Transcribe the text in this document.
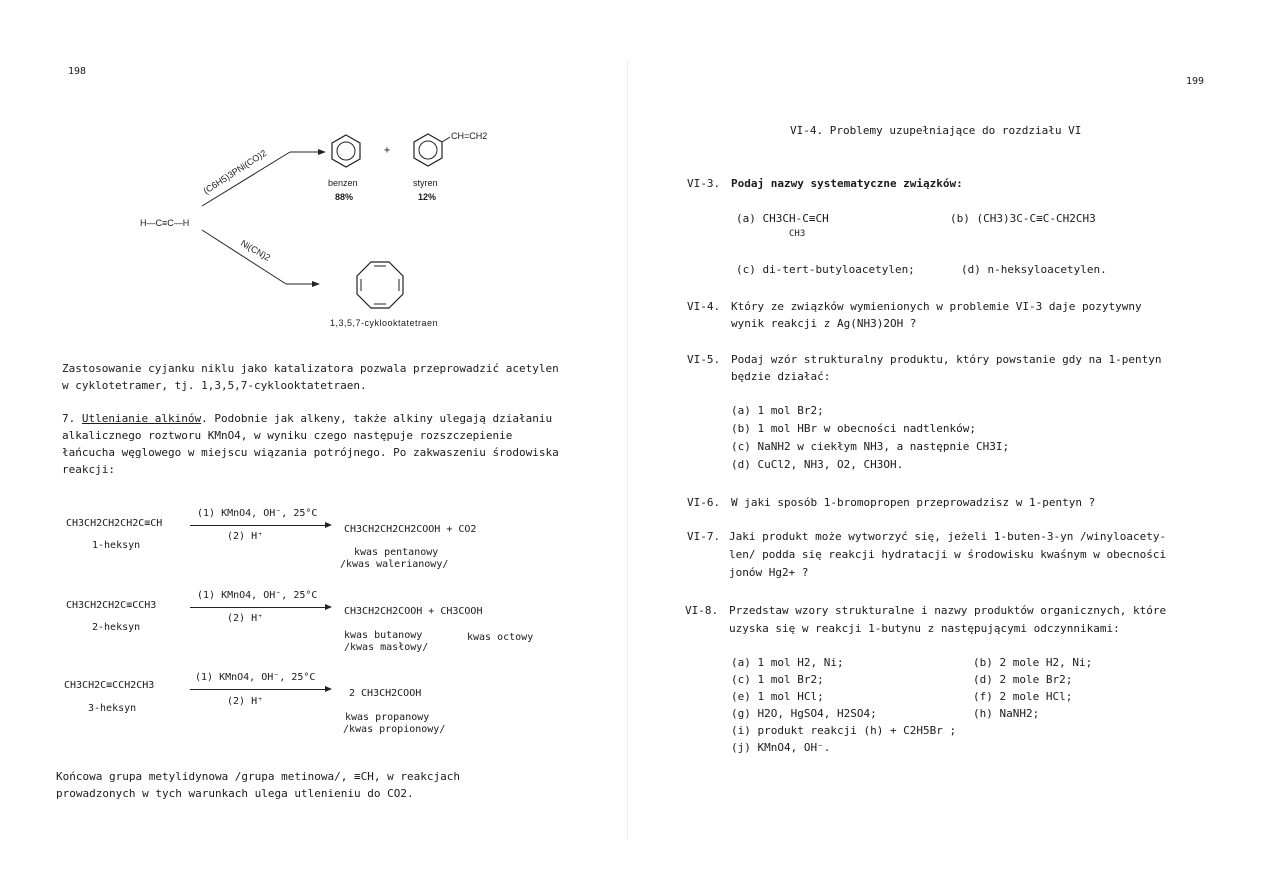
198
H—C≡C—H
(C6H5)3PNi(CO)2	+
CH=CH2
benzen
88%
styren
12%
Ni(CN)2
1,3,5,7-cyklooktatetraen
Zastosowanie cyjanku niklu jako katalizatora pozwala przeprowadzić acetylen w cyklotetramer, tj. 1,3,5,7-cyklooktatetraen.
7. Utlenianie alkinów. Podobnie jak alkeny, także alkiny ulegają działaniu alkalicznego roztworu KMnO4, w wyniku czego następuje rozszczepienie łańcucha węglowego w miejscu wiązania potrójnego. Po zakwaszeniu środowiska reakcji:
CH3CH2CH2CH2C≡CH
1-heksyn
(1) KMnO4, OH⁻, 25°C
(2) H⁺
CH3CH2CH2CH2COOH + CO2
kwas pentanowy
/kwas walerianowy/
CH3CH2CH2C≡CCH3
2-heksyn
(1) KMnO4, OH⁻, 25°C
(2) H⁺
CH3CH2CH2COOH + CH3COOH
kwas butanowy
/kwas masłowy/
kwas octowy
CH3CH2C≡CCH2CH3
3-heksyn
(1) KMnO4, OH⁻, 25°C
(2) H⁺
2 CH3CH2COOH
kwas propanowy
/kwas propionowy/
Końcowa grupa metylidynowa /grupa metinowa/, ≡CH, w reakcjach
prowadzonych w tych warunkach ulega utlenieniu do CO2.
199
VI-4. Problemy uzupełniające do rozdziału VI
VI-3. Podaj nazwy systematyczne związków:
(a) CH3CH-C≡CH
CH3
(b) (CH3)3C-C≡C-CH2CH3
(c) di-tert-butyloacetylen;	(d) n-heksyloacetylen.
VI-4. Który ze związków wymienionych w problemie VI-3 daje pozytywny
wynik reakcji z Ag(NH3)2OH ?
VI-5. Podaj wzór strukturalny produktu, który powstanie gdy na 1-pentyn
będzie działać:
(a) 1 mol Br2;
(b) 1 mol HBr w obecności nadtlenków;
(c) NaNH2 w ciekłym NH3, a następnie CH3I;
(d) CuCl2, NH3, O2, CH3OH.
VI-6. W jaki sposób 1-bromopropen przeprowadzisz w 1-pentyn ?
VI-7. Jaki produkt może wytworzyć się, jeżeli 1-buten-3-yn /winyloacety-
len/ podda się reakcji hydratacji w środowisku kwaśnym w obecności
jonów Hg2+ ?
VI-8. Przedstaw wzory strukturalne i nazwy produktów organicznych, które
uzyska się w reakcji 1-butynu z następującymi odczynnikami:
(a) 1 mol H2, Ni;
(c) 1 mol Br2;
(e) 1 mol HCl;
(g) H2O, HgSO4, H2SO4;
(i) produkt reakcji (h) + C2H5Br ;
(j) KMnO4, OH⁻.
(b) 2 mole H2, Ni;
(d) 2 mole Br2;
(f) 2 mole HCl;
(h) NaNH2;
